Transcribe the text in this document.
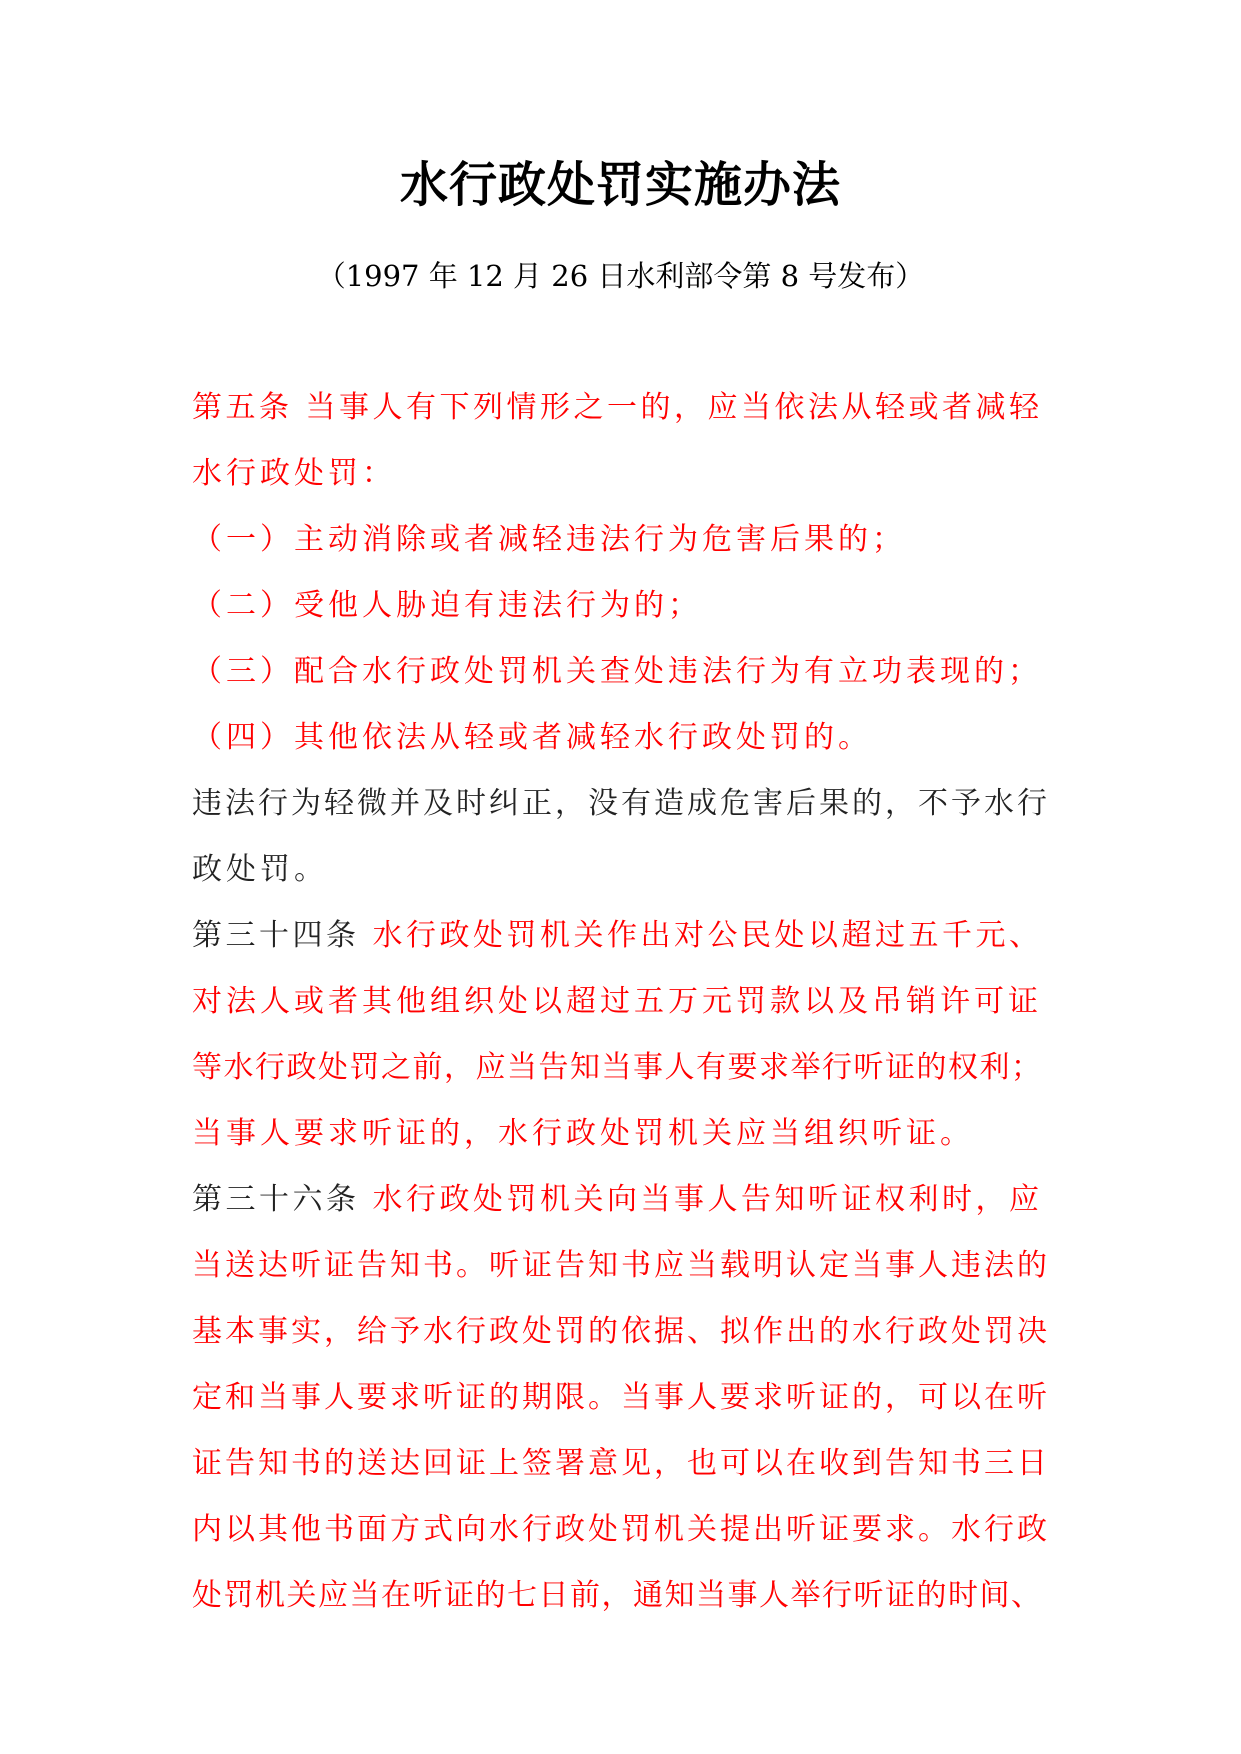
水行政处罚实施办法
（1997 年 12 月 26 日水利部令第 8 号发布）
第五条 当事人有下列情形之一的，应当依法从轻或者减轻
水行政处罚：
（一）主动消除或者减轻违法行为危害后果的；
（二）受他人胁迫有违法行为的；
（三）配合水行政处罚机关查处违法行为有立功表现的；
（四）其他依法从轻或者减轻水行政处罚的。
违法行为轻微并及时纠正，没有造成危害后果的，不予水行
政处罚。
第三十四条 水行政处罚机关作出对公民处以超过五千元、
对法人或者其他组织处以超过五万元罚款以及吊销许可证
等水行政处罚之前，应当告知当事人有要求举行听证的权利；
当事人要求听证的，水行政处罚机关应当组织听证。
第三十六条 水行政处罚机关向当事人告知听证权利时，应
当送达听证告知书。听证告知书应当载明认定当事人违法的
基本事实，给予水行政处罚的依据、拟作出的水行政处罚决
定和当事人要求听证的期限。当事人要求听证的，可以在听
证告知书的送达回证上签署意见，也可以在收到告知书三日
内以其他书面方式向水行政处罚机关提出听证要求。水行政
处罚机关应当在听证的七日前，通知当事人举行听证的时间、
